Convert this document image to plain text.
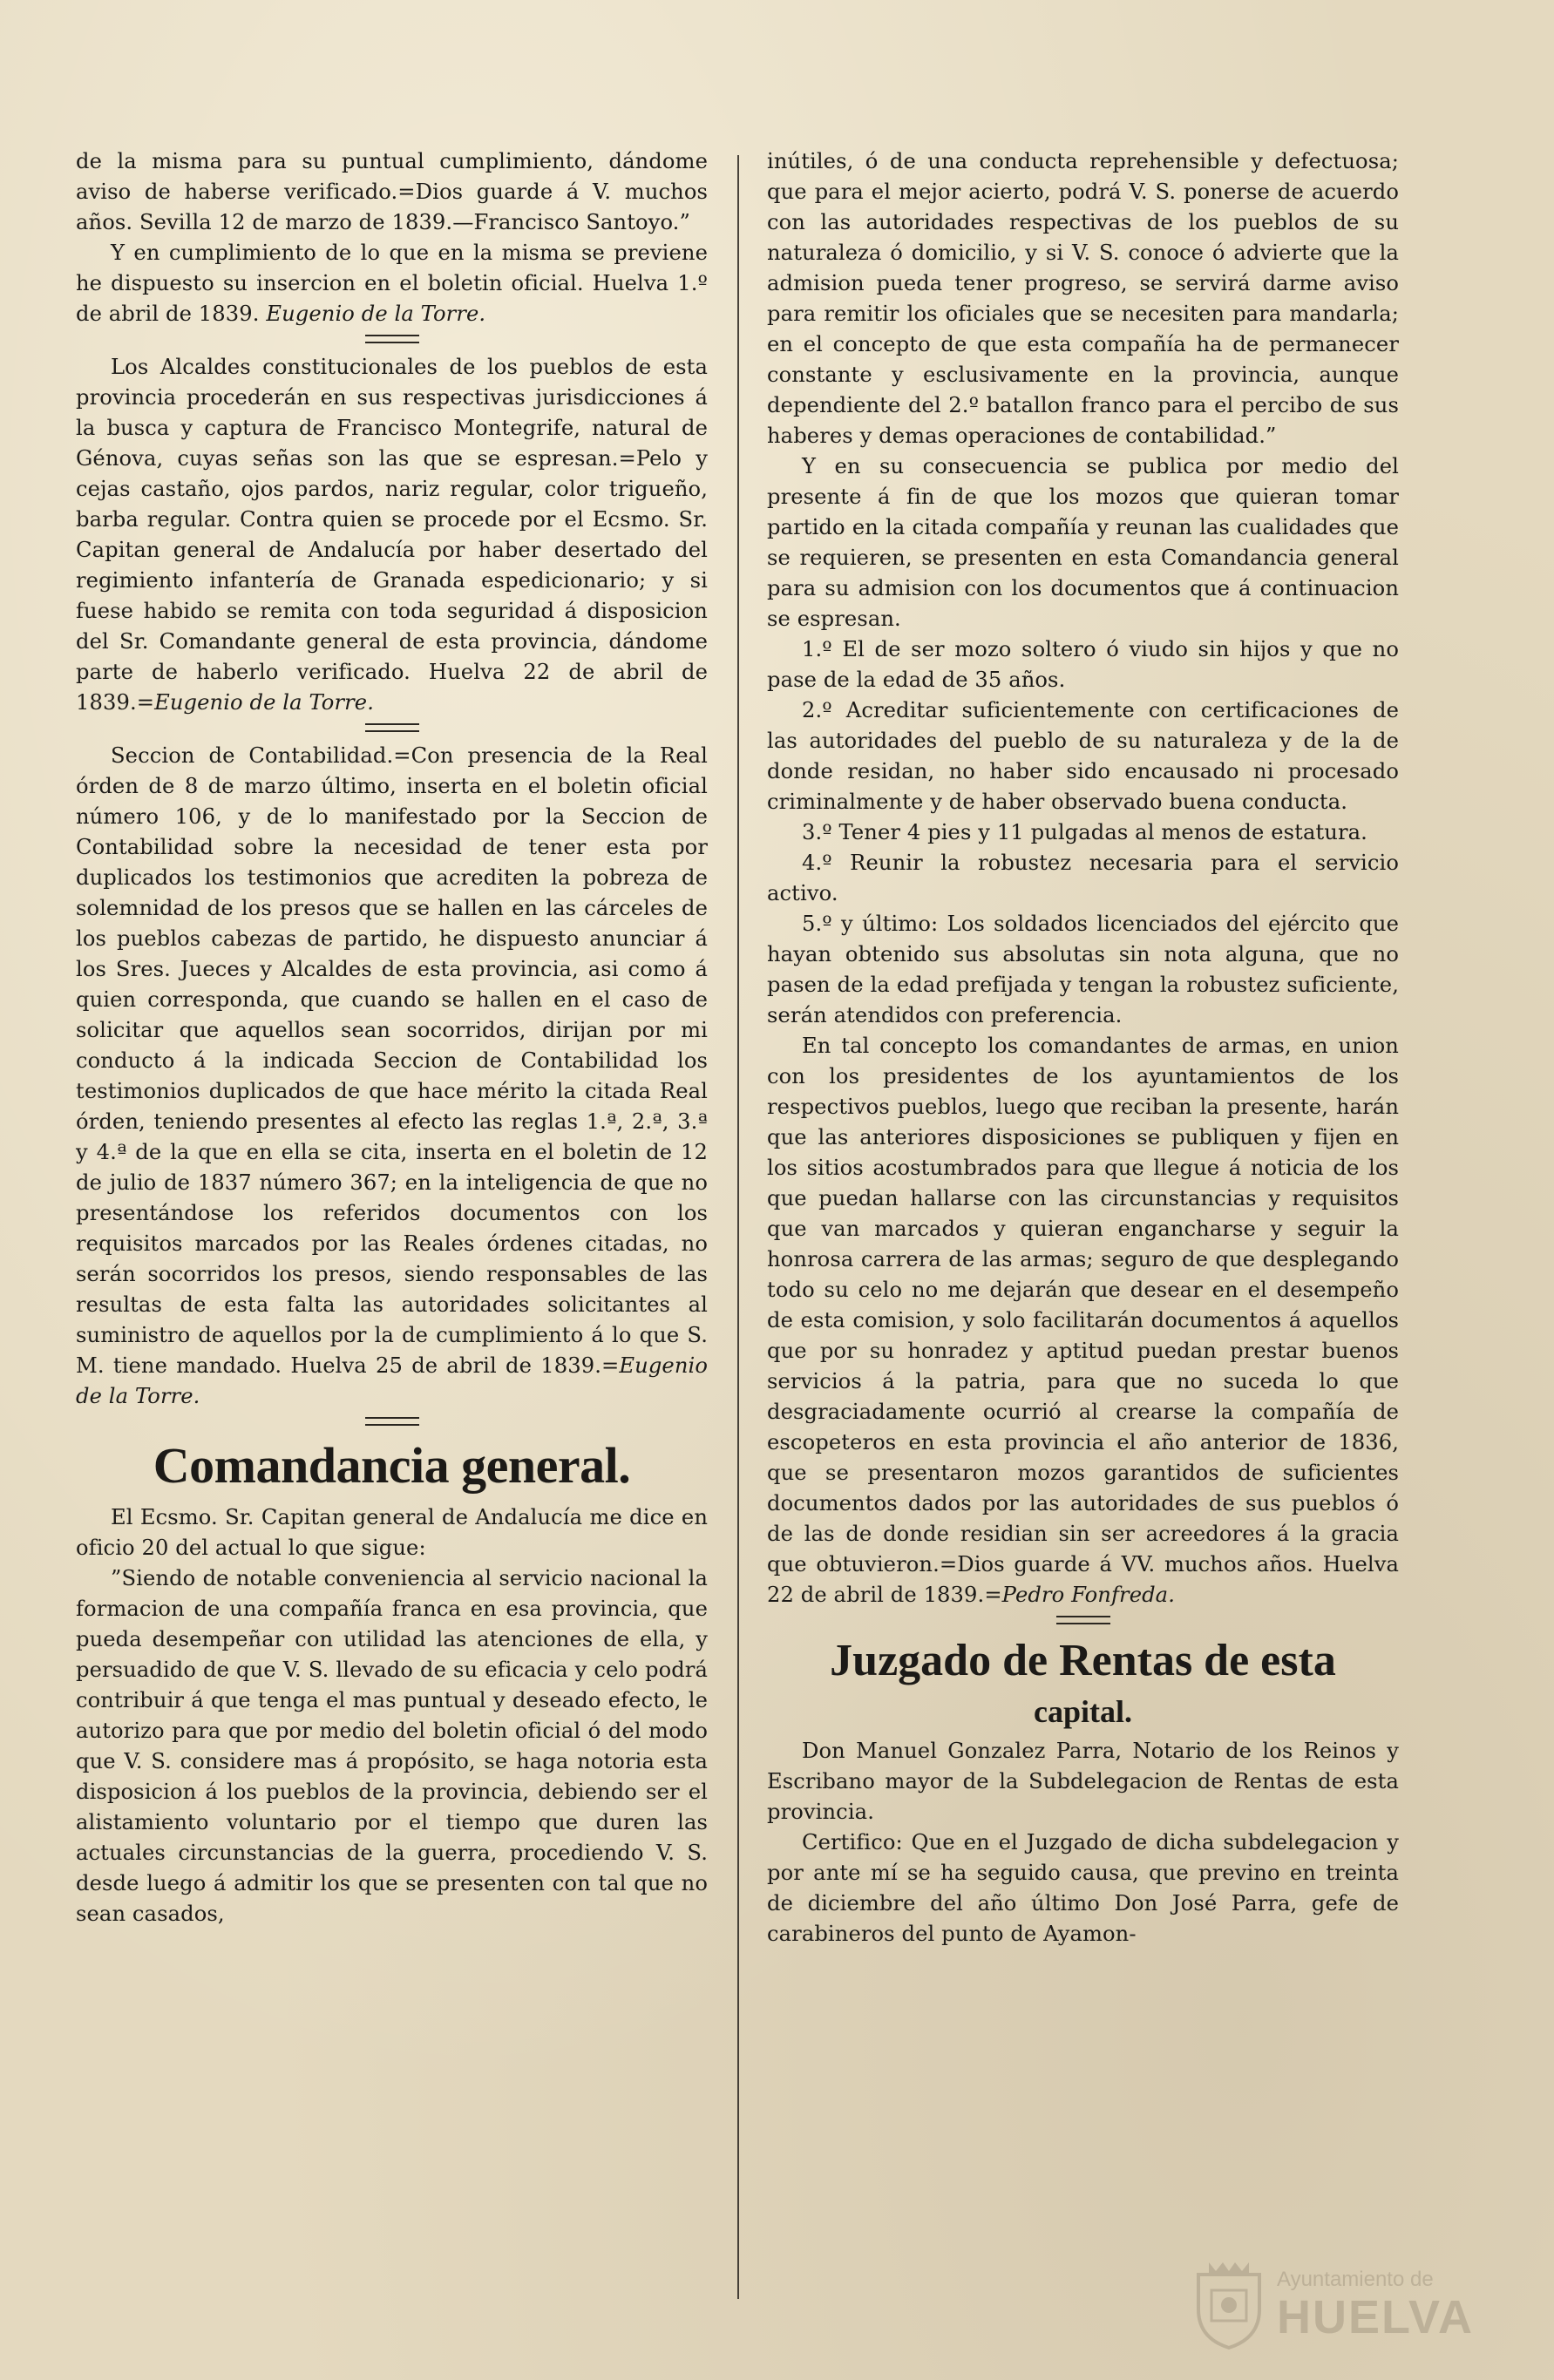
de la misma para su puntual cumplimiento, dándome aviso de haberse verificado.=Dios guarde á V. muchos años. Sevilla 12 de marzo de 1839.—Francisco Santoyo.”

Y en cumplimiento de lo que en la misma se previene he dispuesto su insercion en el boletin oficial. Huelva 1.º de abril de 1839. Eugenio de la Torre.

Los Alcaldes constitucionales de los pueblos de esta provincia procederán en sus respectivas jurisdicciones á la busca y captura de Francisco Montegrife, natural de Génova, cuyas señas son las que se espresan.=Pelo y cejas castaño, ojos pardos, nariz regular, color trigueño, barba regular. Contra quien se procede por el Ecsmo. Sr. Capitan general de Andalucía por haber desertado del regimiento infantería de Granada espedicionario; y si fuese habido se remita con toda seguridad á disposicion del Sr. Comandante general de esta provincia, dándome parte de haberlo verificado. Huelva 22 de abril de 1839.=Eugenio de la Torre.

Seccion de Contabilidad.=Con presencia de la Real órden de 8 de marzo último, inserta en el boletin oficial número 106, y de lo manifestado por la Seccion de Contabilidad sobre la necesidad de tener esta por duplicados los testimonios que acrediten la pobreza de solemnidad de los presos que se hallen en las cárceles de los pueblos cabezas de partido, he dispuesto anunciar á los Sres. Jueces y Alcaldes de esta provincia, asi como á quien corresponda, que cuando se hallen en el caso de solicitar que aquellos sean socorridos, dirijan por mi conducto á la indicada Seccion de Contabilidad los testimonios duplicados de que hace mérito la citada Real órden, teniendo presentes al efecto las reglas 1.ª, 2.ª, 3.ª y 4.ª de la que en ella se cita, inserta en el boletin de 12 de julio de 1837 número 367; en la inteligencia de que no presentándose los referidos documentos con los requisitos marcados por las Reales órdenes citadas, no serán socorridos los presos, siendo responsables de las resultas de esta falta las autoridades solicitantes al suministro de aquellos por la de cumplimiento á lo que S. M. tiene mandado. Huelva 25 de abril de 1839.=Eugenio de la Torre.

Comandancia general.

El Ecsmo. Sr. Capitan general de Andalucía me dice en oficio 20 del actual lo que sigue:

”Siendo de notable conveniencia al servicio nacional la formacion de una compañía franca en esa provincia, que pueda desempeñar con utilidad las atenciones de ella, y persuadido de que V. S. llevado de su eficacia y celo podrá contribuir á que tenga el mas puntual y deseado efecto, le autorizo para que por medio del boletin oficial ó del modo que V. S. considere mas á propósito, se haga notoria esta disposicion á los pueblos de la provincia, debiendo ser el alistamiento voluntario por el tiempo que duren las actuales circunstancias de la guerra, procediendo V. S. desde luego á admitir los que se presenten con tal que no sean casados,

inútiles, ó de una conducta reprehensible y defectuosa; que para el mejor acierto, podrá V. S. ponerse de acuerdo con las autoridades respectivas de los pueblos de su naturaleza ó domicilio, y si V. S. conoce ó advierte que la admision pueda tener progreso, se servirá darme aviso para remitir los oficiales que se necesiten para mandarla; en el concepto de que esta compañía ha de permanecer constante y esclusivamente en la provincia, aunque dependiente del 2.º batallon franco para el percibo de sus haberes y demas operaciones de contabilidad.”

Y en su consecuencia se publica por medio del presente á fin de que los mozos que quieran tomar partido en la citada compañía y reunan las cualidades que se requieren, se presenten en esta Comandancia general para su admision con los documentos que á continuacion se espresan.

1.º El de ser mozo soltero ó viudo sin hijos y que no pase de la edad de 35 años.

2.º Acreditar suficientemente con certificaciones de las autoridades del pueblo de su naturaleza y de la de donde residan, no haber sido encausado ni procesado criminalmente y de haber observado buena conducta.

3.º Tener 4 pies y 11 pulgadas al menos de estatura.

4.º Reunir la robustez necesaria para el servicio activo.

5.º y último: Los soldados licenciados del ejército que hayan obtenido sus absolutas sin nota alguna, que no pasen de la edad prefijada y tengan la robustez suficiente, serán atendidos con preferencia.

En tal concepto los comandantes de armas, en union con los presidentes de los ayuntamientos de los respectivos pueblos, luego que reciban la presente, harán que las anteriores disposiciones se publiquen y fijen en los sitios acostumbrados para que llegue á noticia de los que puedan hallarse con las circunstancias y requisitos que van marcados y quieran engancharse y seguir la honrosa carrera de las armas; seguro de que desplegando todo su celo no me dejarán que desear en el desempeño de esta comision, y solo facilitarán documentos á aquellos que por su honradez y aptitud puedan prestar buenos servicios á la patria, para que no suceda lo que desgraciadamente ocurrió al crearse la compañía de escopeteros en esta provincia el año anterior de 1836, que se presentaron mozos garantidos de suficientes documentos dados por las autoridades de sus pueblos ó de las de donde residian sin ser acreedores á la gracia que obtuvieron.=Dios guarde á VV. muchos años. Huelva 22 de abril de 1839.=Pedro Fonfreda.

Juzgado de Rentas de esta
capital.

Don Manuel Gonzalez Parra, Notario de los Reinos y Escribano mayor de la Subdelegacion de Rentas de esta provincia.

Certifico: Que en el Juzgado de dicha subdelegacion y por ante mí se ha seguido causa, que previno en treinta de diciembre del año último Don José Parra, gefe de carabineros del punto de Ayamon-

Ayuntamiento de
HUELVA
